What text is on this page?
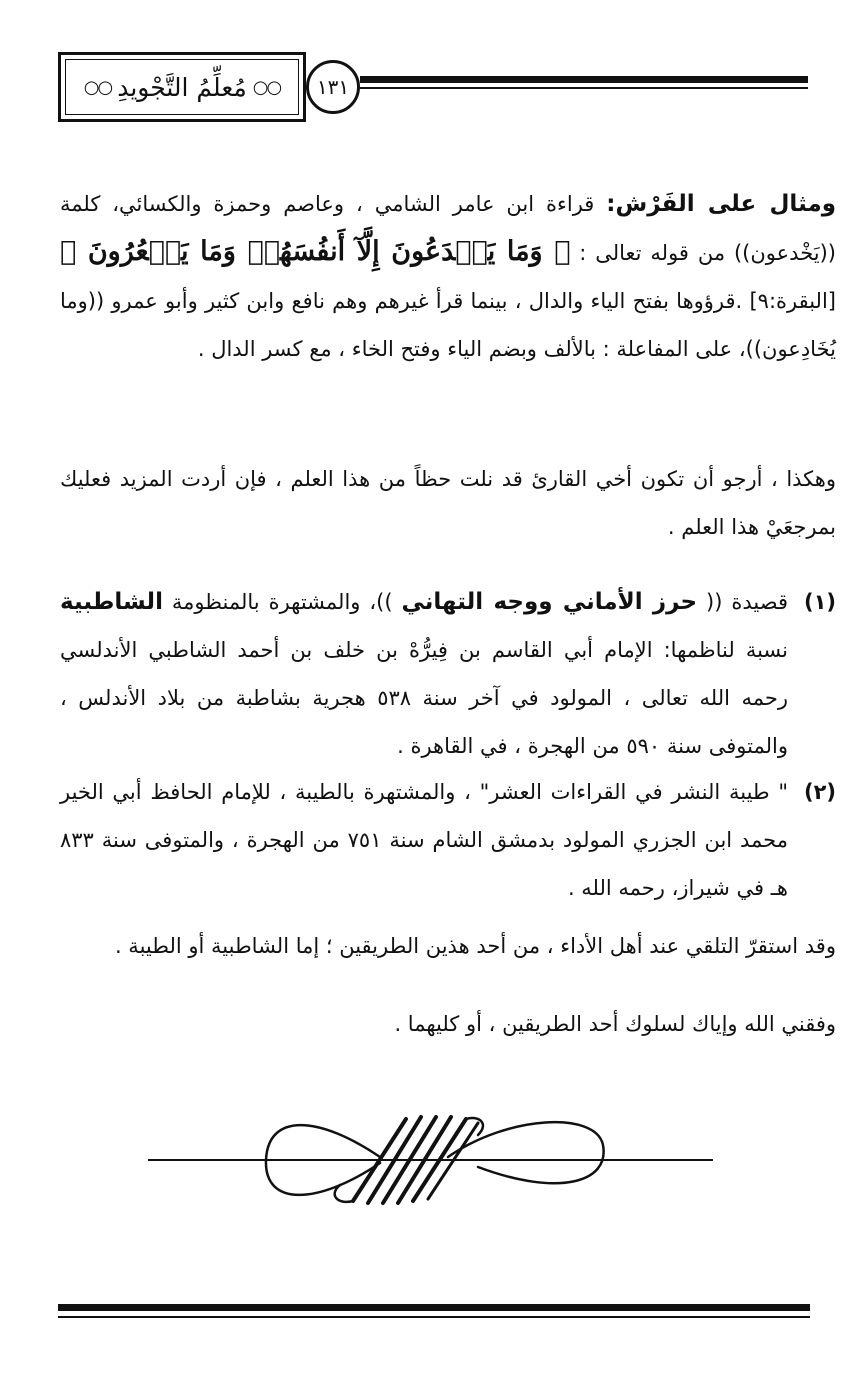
○○
مُعلِّمُ التَّجْويدِ
○○	١٣١
ومثال على الفَرْش: قراءة ابن عامر الشامي ، وعاصم وحمزة والكسائي، كلمة ((يَخْدعون)) من قوله تعالى : ﴿ وَمَا يَخۡدَعُونَ إِلَّآ أَنفُسَهُمۡ وَمَا يَشۡعُرُونَ ﴾ [البقرة:٩] .قرؤوها بفتح الياء والدال ، بينما قرأ غيرهم وهم نافع وابن كثير وأبو عمرو ((وما يُخَادِعون))، على المفاعلة : بالألف وبضم الياء وفتح الخاء ، مع كسر الدال .
وهكذا ، أرجو أن تكون أخي القارئ قد نلت حظاً من هذا العلم ، فإن أردت المزيد فعليك بمرجعَيْ هذا العلم .
(١)
قصيدة (( حرز الأماني ووجه التهاني ))، والمشتهرة بالمنظومة الشاطبية نسبة لناظمها: الإمام أبي القاسم بن فِيرُّهْ بن خلف بن أحمد الشاطبي الأندلسي رحمه الله تعالى ، المولود في آخر سنة ٥٣٨ هجرية بشاطبة من بلاد الأندلس ، والمتوفى سنة ٥٩٠ من الهجرة ، في القاهرة .
(٢)
" طيبة النشر في القراءات العشر" ، والمشتهرة بالطيبة ، للإمام الحافظ أبي الخير محمد ابن الجزري المولود بدمشق الشام سنة ٧٥١ من الهجرة ، والمتوفى سنة ٨٣٣ هـ في شيراز، رحمه الله .
وقد استقرّ التلقي عند أهل الأداء ، من أحد هذين الطريقين ؛ إما الشاطبية أو الطيبة .
وفقني الله وإياك لسلوك أحد الطريقين ، أو كليهما .
